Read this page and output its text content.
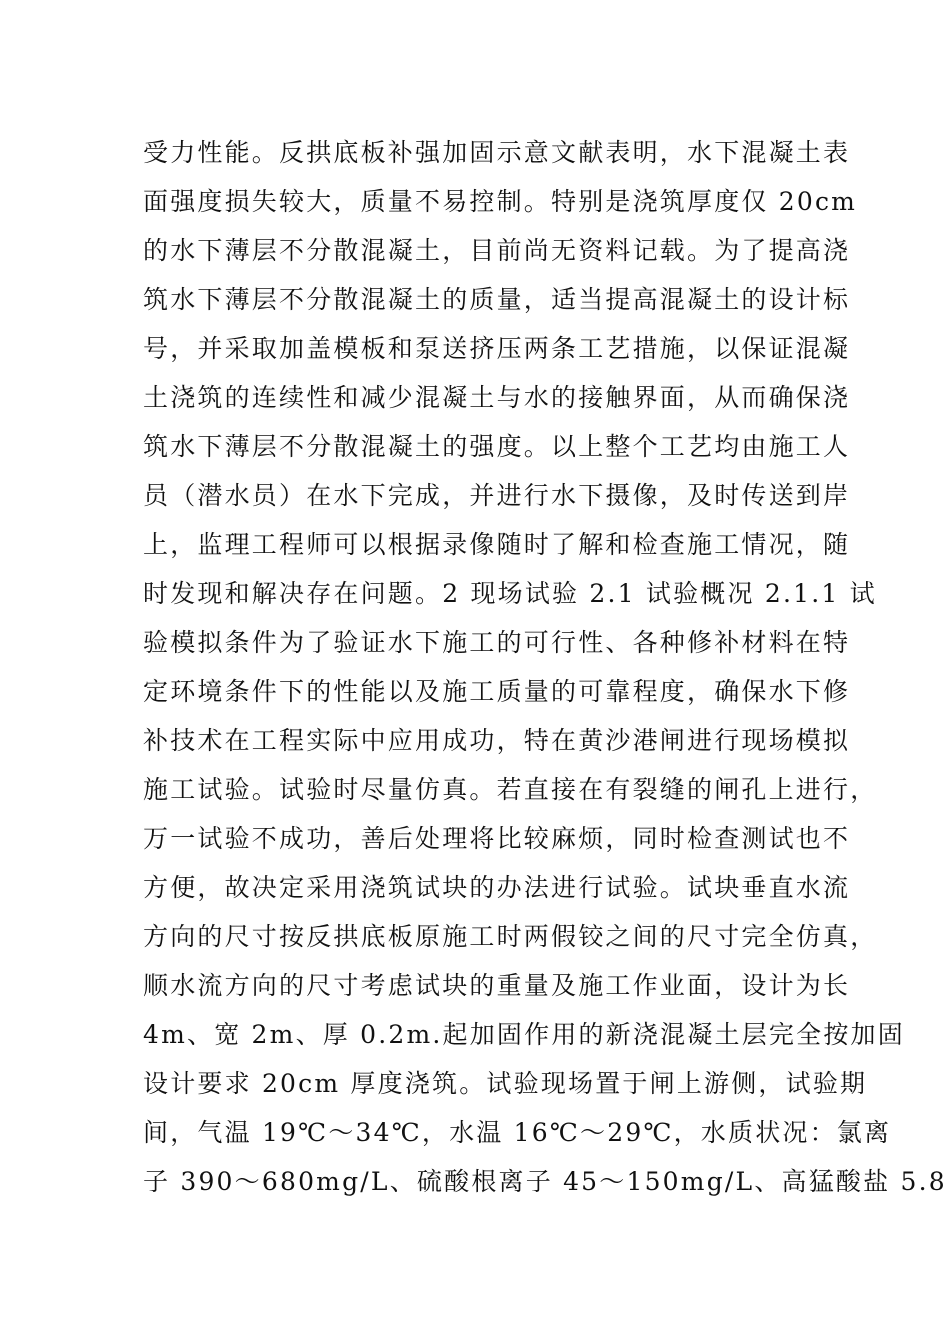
受力性能。反拱底板补强加固示意文献表明，水下混凝土表
面强度损失较大，质量不易控制。特别是浇筑厚度仅 20cm
的水下薄层不分散混凝土，目前尚无资料记载。为了提高浇
筑水下薄层不分散混凝土的质量，适当提高混凝土的设计标
号，并采取加盖模板和泵送挤压两条工艺措施，以保证混凝
土浇筑的连续性和减少混凝土与水的接触界面，从而确保浇
筑水下薄层不分散混凝土的强度。以上整个工艺均由施工人
员（潜水员）在水下完成，并进行水下摄像，及时传送到岸
上，监理工程师可以根据录像随时了解和检查施工情况，随
时发现和解决存在问题。2 现场试验 2.1 试验概况 2.1.1 试
验模拟条件为了验证水下施工的可行性、各种修补材料在特
定环境条件下的性能以及施工质量的可靠程度，确保水下修
补技术在工程实际中应用成功，特在黄沙港闸进行现场模拟
施工试验。试验时尽量仿真。若直接在有裂缝的闸孔上进行，
万一试验不成功，善后处理将比较麻烦，同时检查测试也不
方便，故决定采用浇筑试块的办法进行试验。试块垂直水流
方向的尺寸按反拱底板原施工时两假铰之间的尺寸完全仿真，
顺水流方向的尺寸考虑试块的重量及施工作业面，设计为长
4m、宽 2m、厚 0.2m.起加固作用的新浇混凝土层完全按加固
设计要求 20cm 厚度浇筑。试验现场置于闸上游侧，试验期
间，气温 19℃～34℃，水温 16℃～29℃，水质状况：氯离
子 390～680mg/L、硫酸根离子 45～150mg/L、高猛酸盐 5.8
